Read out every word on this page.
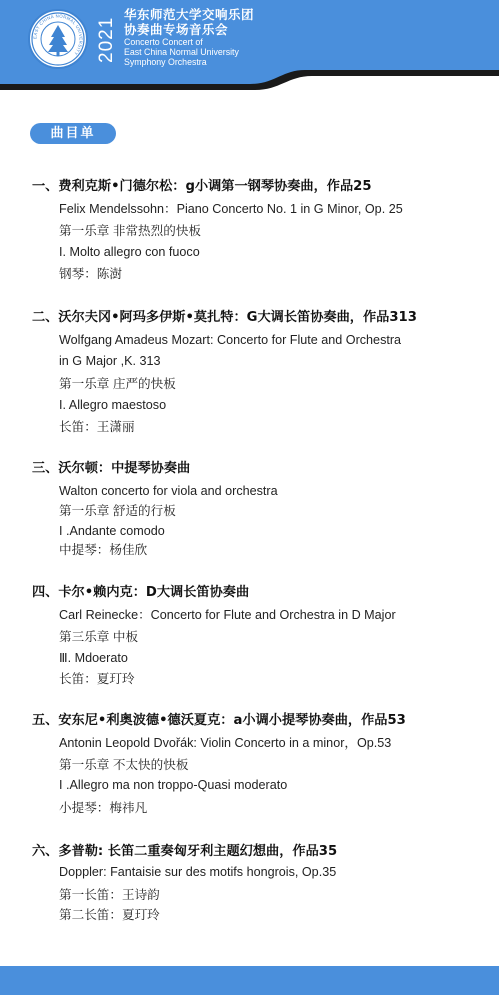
EAST CHINA NORMAL UNIVERSITY 2021
华东师范大学交响乐团
协奏曲专场音乐会
Concerto Concert of
East China Normal University
Symphony Orchestra
曲目单
一、费利克斯•门德尔松：g小调第一钢琴协奏曲，作品25
Felix Mendelssohn：Piano Concerto No. 1 in G Minor, Op. 25
第一乐章 非常热烈的快板
I. Molto allegro con fuoco
钢琴：陈澍
二、沃尔夫冈•阿玛多伊斯•莫扎特：G大调长笛协奏曲，作品313
Wolfgang Amadeus Mozart: Concerto for Flute and Orchestra
in G Major ,K. 313
第一乐章 庄严的快板
I. Allegro maestoso
长笛：王潇丽
三、沃尔顿：中提琴协奏曲
Walton concerto for viola and orchestra
第一乐章 舒适的行板
I .Andante comodo
中提琴：杨佳欣
四、卡尔•赖内克：D大调长笛协奏曲
Carl Reinecke：Concerto for Flute and Orchestra in D Major
第三乐章 中板
Ⅲ. Mdoerato
长笛：夏玎玲
五、安东尼•利奥波德•德沃夏克：a小调小提琴协奏曲，作品53
Antonin Leopold Dvořák: Violin Concerto in a minor，Op.53
第一乐章 不太快的快板
I .Allegro ma non troppo-Quasi moderato
小提琴：梅祎凡
六、多普勒: 长笛二重奏匈牙利主题幻想曲，作品35
Doppler: Fantaisie sur des motifs hongrois, Op.35
第一长笛：王诗韵
第二长笛：夏玎玲
